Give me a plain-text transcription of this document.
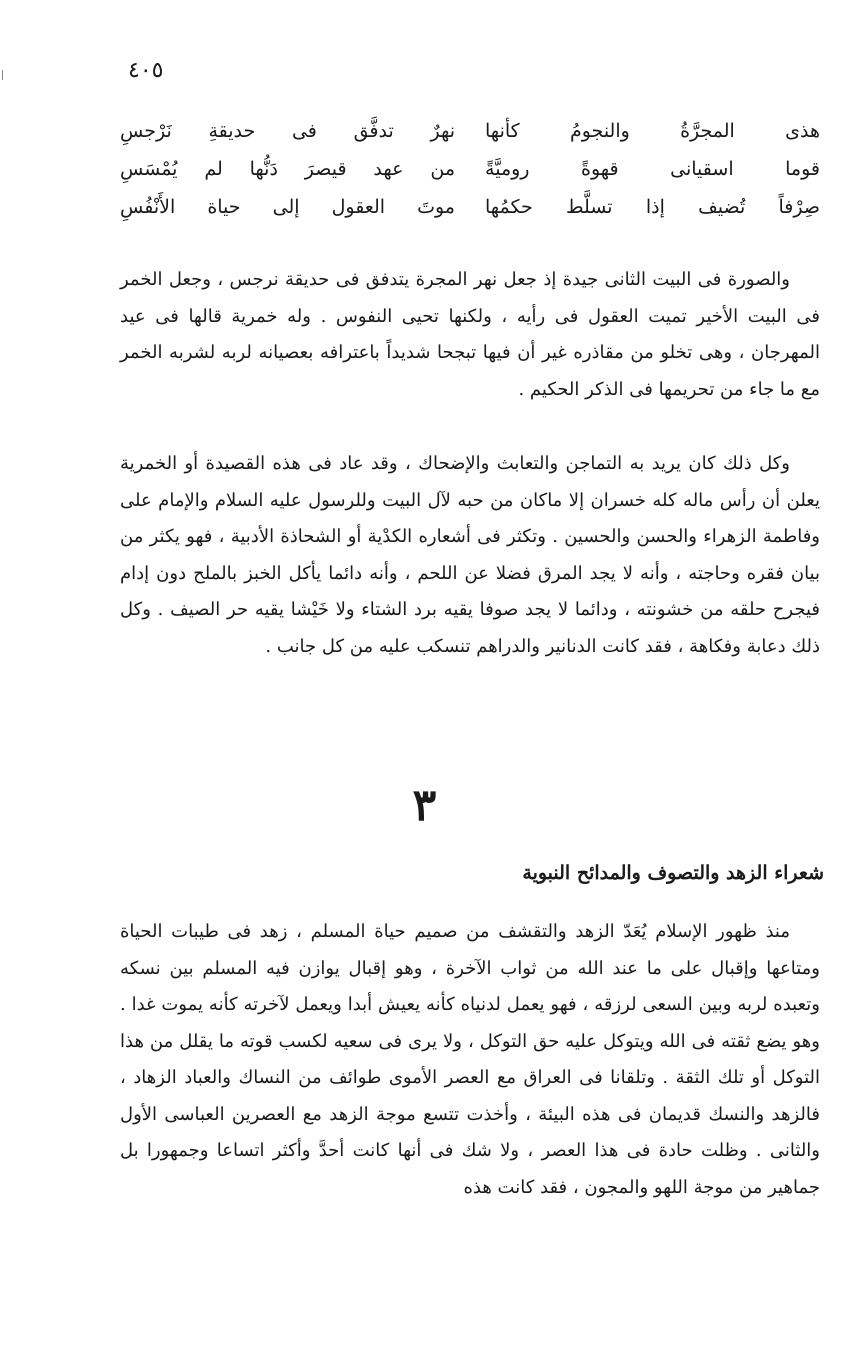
٤٠٥
هذى
المجرَّةُ
والنجومُ
كأنها
نهرٌ
تدفَّق
فى
حديقةِ
نَرْجسِ
قوما
اسقيانى
قهوةً
روميَّةً
من
عهد
قيصرَ
دَنُّها
لم
يُمْسَسِ
صِرْفاً
تُضيف
إذا
تسلَّط
حكمُها
موتَ
العقول
إلى
حياة
الأَنْفُسِ

والصورة فى البيت الثانى جيدة إذ جعل نهر المجرة يتدفق فى حديقة نرجس ، وجعل الخمر فى البيت الأخير تميت العقول فى رأيه ، ولكنها تحيى النفوس . وله خمرية قالها فى عيد المهرجان ، وهى تخلو من مقاذره غير أن فيها تبجحا شديداً باعترافه بعصيانه لربه لشربه الخمر مع ما جاء من تحريمها فى الذكر الحكيم .

وكل ذلك كان يريد به التماجن والتعابث والإضحاك ، وقد عاد فى هذه القصيدة أو الخمرية يعلن أن رأس ماله كله خسران إلا ماكان من حبه لآل البيت وللرسول عليه السلام والإمام على وفاطمة الزهراء والحسن والحسين . وتكثر فى أشعاره الكدْية أو الشحاذة الأدبية ، فهو يكثر من بيان فقره وحاجته ، وأنه لا يجد المرق فضلا عن اللحم ، وأنه دائما يأكل الخبز بالملح دون إدام فيجرح حلقه من خشونته ، ودائما لا يجد صوفا يقيه برد الشتاء ولا خَيْشا يقيه حر الصيف . وكل ذلك دعابة وفكاهة ، فقد كانت الدنانير والدراهم تنسكب عليه من كل جانب .

٣
شعراء الزهد والتصوف والمدائح النبوية

منذ ظهور الإسلام يُعَدّ الزهد والتقشف من صميم حياة المسلم ، زهد فى طيبات الحياة ومتاعها وإقبال على ما عند الله من ثواب الآخرة ، وهو إقبال يوازن فيه المسلم بين نسكه وتعبده لربه وبين السعى لرزقه ، فهو يعمل لدنياه كأنه يعيش أبدا ويعمل لآخرته كأنه يموت غدا . وهو يضع ثقته فى الله ويتوكل عليه حق التوكل ، ولا يرى فى سعيه لكسب قوته ما يقلل من هذا التوكل أو تلك الثقة . وتلقانا فى العراق مع العصر الأموى طوائف من النساك والعباد الزهاد ، فالزهد والنسك قديمان فى هذه البيئة ، وأخذت تتسع موجة الزهد مع العصرين العباسى الأول والثانى . وظلت حادة فى هذا العصر ، ولا شك فى أنها كانت أحدَّ وأكثر اتساعا وجمهورا بل جماهير من موجة اللهو والمجون ، فقد كانت هذه
